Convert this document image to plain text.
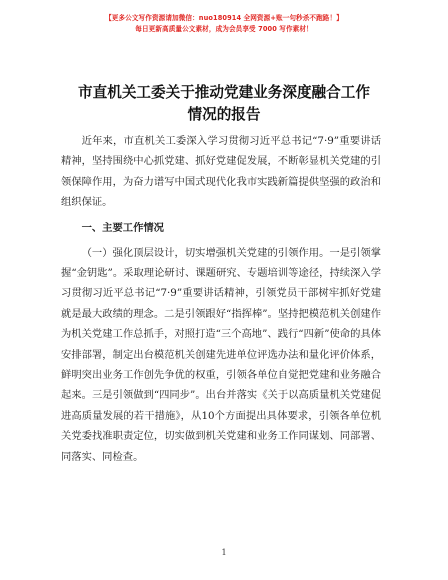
【更多公文写作资源请加微信：nuo180914 全网资源+账一句秒杀不跑路！】
每日更新高质量公文素材，成为会员享受 7000 写作素材！
市直机关工委关于推动党建业务深度融合工作
情况的报告

近年来，市直机关工委深入学习贯彻习近平总书记“7·9”重要讲话精神，坚持围绕中心抓党建、抓好党建促发展，不断彰显机关党建的引领保障作用，为奋力谱写中国式现代化我市实践新篇提供坚强的政治和组织保证。

一、主要工作情况

（一）强化顶层设计，切实增强机关党建的引领作用。一是引领掌握“金钥匙”。采取理论研讨、课题研究、专题培训等途径，持续深入学习贯彻习近平总书记“7·9”重要讲话精神，引领党员干部树牢抓好党建就是最大政绩的理念。二是引领跟好“指挥棒”。坚持把模范机关创建作为机关党建工作总抓手，对照打造“三个高地”、践行“四新”使命的具体安排部署，制定出台模范机关创建先进单位评选办法和量化评价体系，鲜明突出业务工作创先争优的权重，引领各单位自觉把党建和业务融合起来。三是引领做到“四同步”。出台并落实《关于以高质量机关党建促进高质量发展的若干措施》，从10个方面提出具体要求，引领各单位机关党委找准职责定位，切实做到机关党建和业务工作同谋划、同部署、同落实、同检查。

1
